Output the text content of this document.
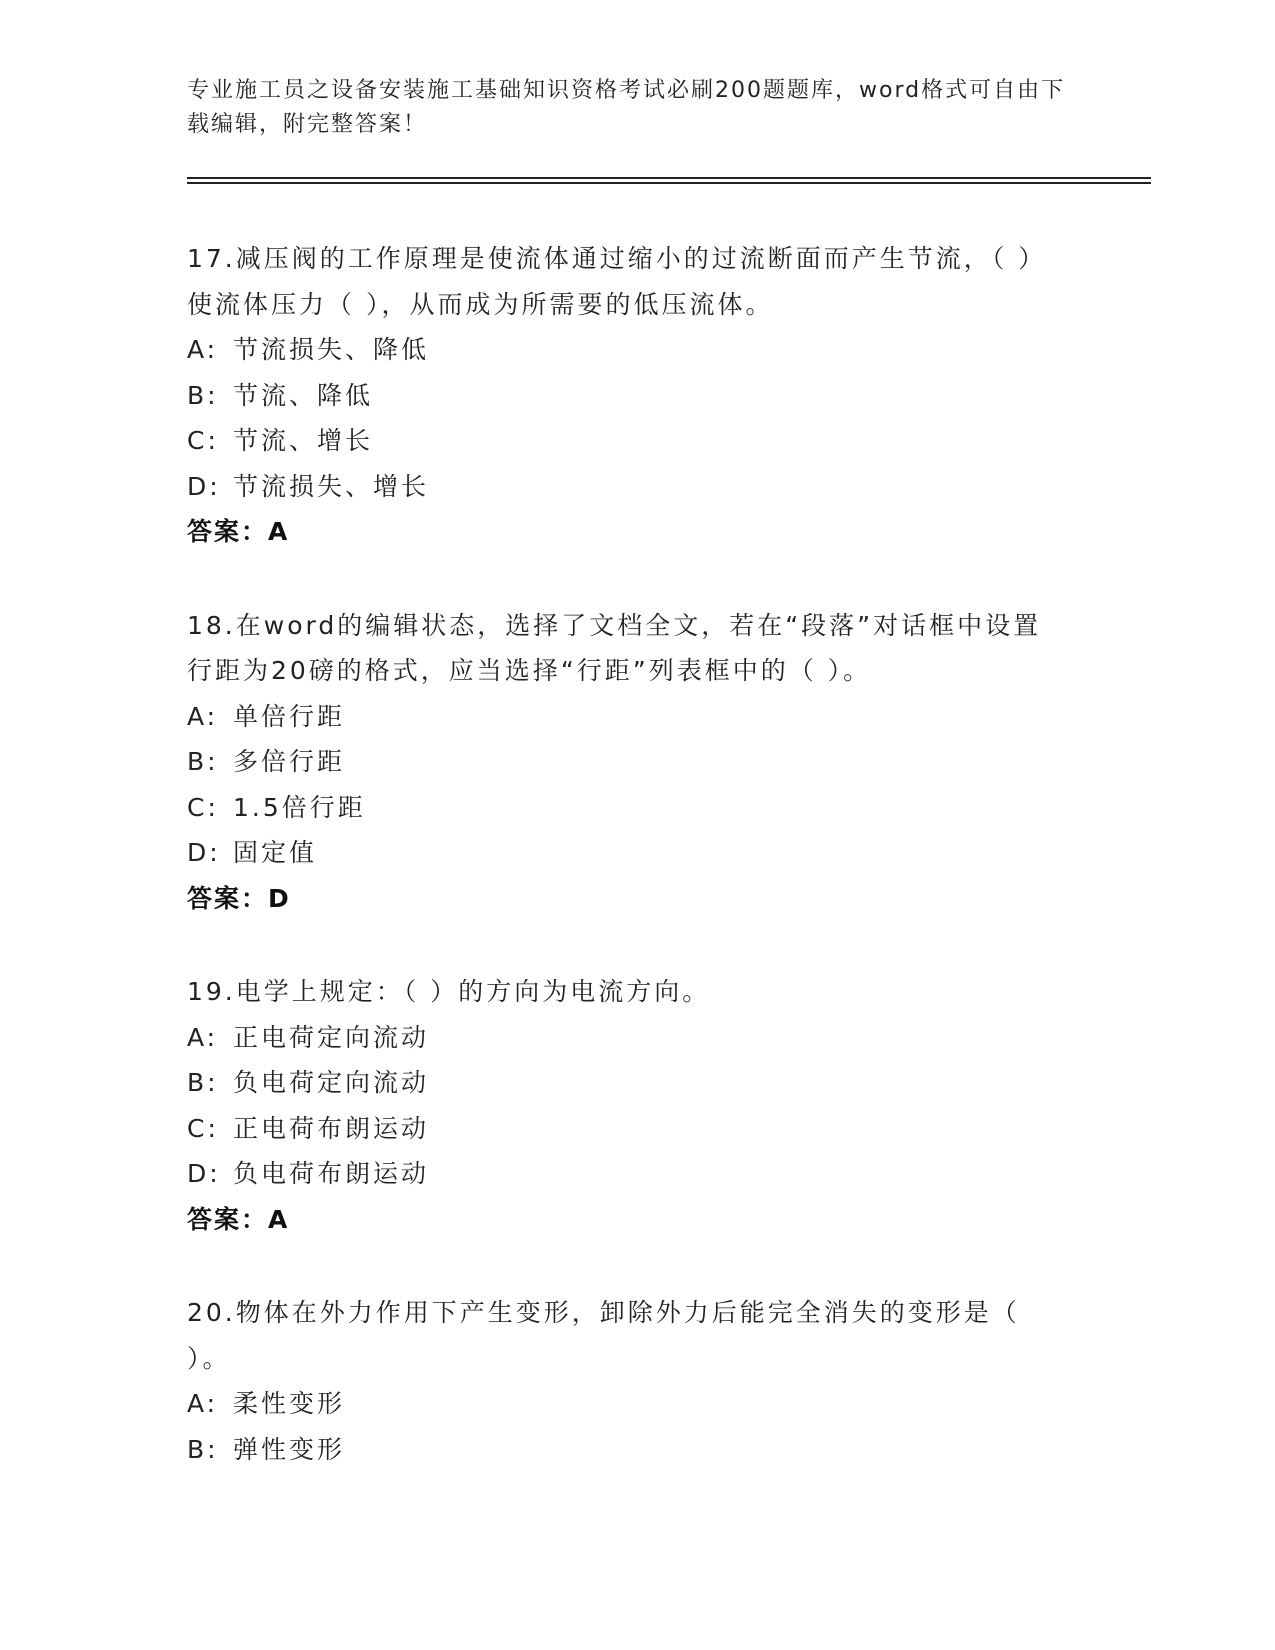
专业施工员之设备安装施工基础知识资格考试必刷200题题库，word格式可自由下载编辑，附完整答案！

17.减压阀的工作原理是使流体通过缩小的过流断面而产生节流，（ ）使流体压力（ ），从而成为所需要的低压流体。

A: 节流损失、降低

B: 节流、降低

C: 节流、增长

D: 节流损失、增长

答案：A

18.在word的编辑状态，选择了文档全文，若在“段落”对话框中设置行距为20磅的格式，应当选择“行距”列表框中的（ ）。

A: 单倍行距

B: 多倍行距

C: 1.5倍行距

D: 固定值

答案：D

19.电学上规定：（ ）的方向为电流方向。

A: 正电荷定向流动

B: 负电荷定向流动

C: 正电荷布朗运动

D: 负电荷布朗运动

答案：A

20.物体在外力作用下产生变形，卸除外力后能完全消失的变形是（ ）。

A: 柔性变形

B: 弹性变形
